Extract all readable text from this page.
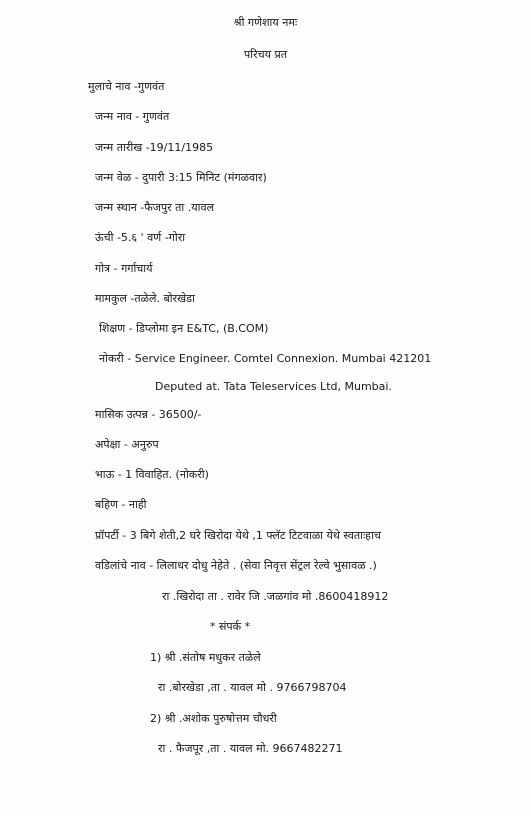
श्री गणेशाय नमः
परिचय प्रत
मुलाचे नाव -गुणवंत
जन्म नाव - गुणवंत
जन्म तारीख -19/11/1985
जन्म वेळ - दुपारी 3:15 मिनिट (मंगळवार)
जन्म स्थान -फैजपुर ता .यावल
ऊंची -5.६ ' वर्ण -गोरा
गोत्र - गर्गाचार्य
मामकुल -तळेले. बोरखेडा
शिक्षण - डिप्लोमा इन E&TC, (B.COM)
नोकरी - Service Engineer. Comtel Connexion. Mumbai 421201
Deputed at. Tata Teleservices Ltd, Mumbai.
मासिक उत्पन्न - 36500/-
अपेक्षा - अनुरुप
भाऊ - 1 विवाहित. (नोकरी)
बहिण - नाही
प्रॉपर्टी - 3 बिगे शेती,2 घरे खिरोदा येथे ,1 फ्लॅट टिटवाळा येथे स्वताःहाच
वडिलांचे नाव - लिलाधर दोधु नेहेते . (सेवा निवृत्त सेंट्रल रेल्वे भुसावळ .)
रा .खिरोदा ता . रावेर जि .जळगांव मो .8600418912
* संपर्क *
1) श्री .संतोष मधुकर तळेले
रा .बोरखेडा ,ता . यावल मो . 9766798704
2) श्री .अशोक पुरुषोत्तम चौधरी
रा . फैजपूर ,ता . यावल मो. 9667482271
